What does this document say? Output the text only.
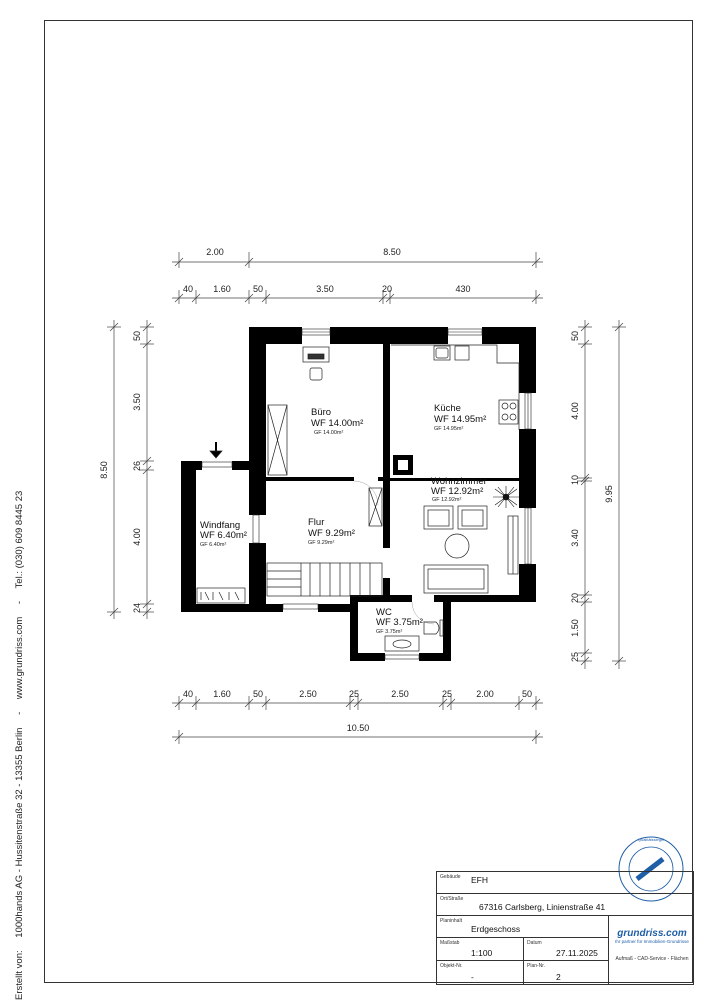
2.00	8.50
40 1.60 50	3.50	20	430
40 1.60 50	2.50	25	2.50	25	2.00	50
10.50
8.50
50
3.50
26
4.00
24
50
4.00
10
3.40
20
1.50
25
9.95
Büro
WF 14.00m²
GF 14.00m²
Küche
WF 14.95m²
GF 14.95m²
Wohnzimmer
WF 12.92m²
GF 12.92m²
Windfang
WF 6.40m²
GF 6.40m²
Flur
WF 9.29m²
GF 9.29m²
WC
WF 3.75m²
GF 3.75m²
Erstellt von: 1000hands AG - Hussitenstraße 32 - 13355 Berlin - www.grundriss.com - Tel.: (030) 609 8445 23
Qualitätssiegel
Gebäude EFH
Ort/Straße
67316 Carlsberg, Linienstraße 41
Planinhalt
Erdgeschoss
Maßstab
1:100
Datum
27.11.2025
Objekt-Nr.
-
Plan-Nr.
2
grundriss.com
Ihr partner für Immobilien-Grundrisse
Aufmaß - CAD-Service - Flächen
